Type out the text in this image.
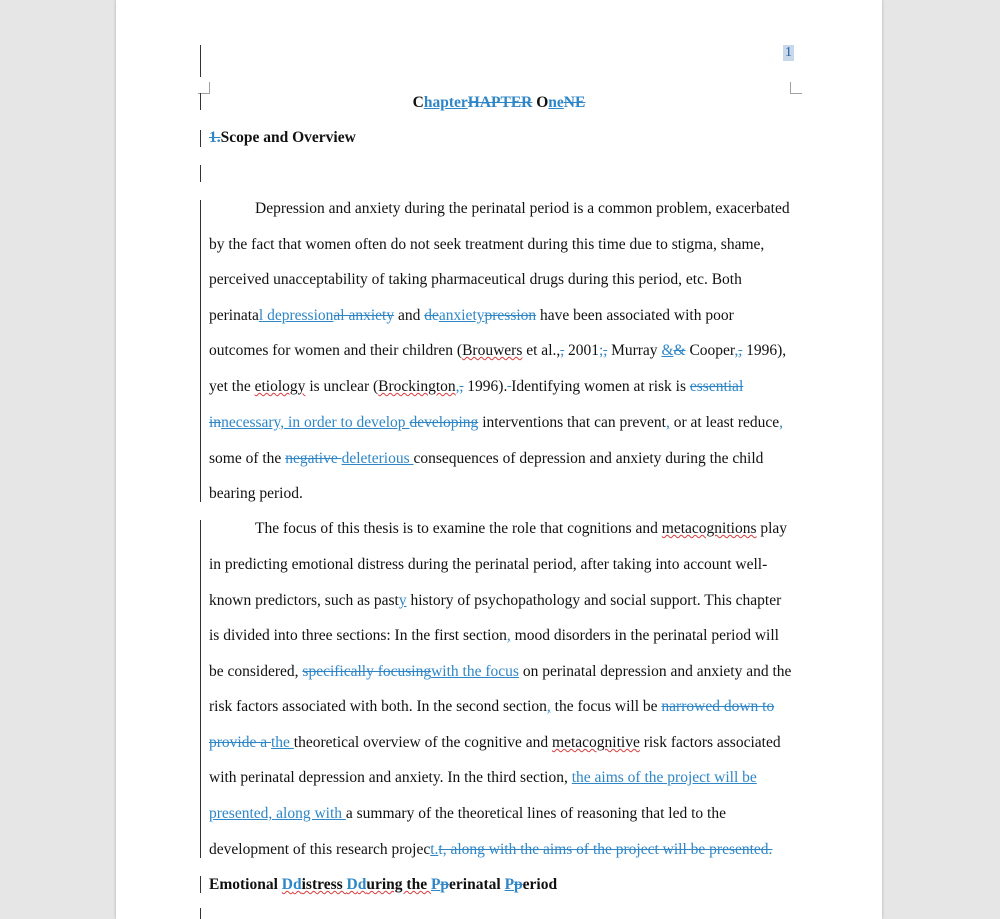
1
ChapterHAPTER OneNE
1.Scope and Overview
Depression and anxiety during the perinatal period is a common problem, exacerbated
by the fact that women often do not seek treatment during this time due to stigma, shame,
perceived unacceptability of taking pharmaceutical drugs during this period, etc. Both
perinatal depressional anxiety and deanxietypression have been associated with poor
outcomes for women and their children (Brouwers et al.,, 2001;, Murray && Cooper,, 1996),
yet the etiology is unclear (Brockington,, 1996). Identifying women at risk is essential
innecessary, in order to develop developing interventions that can prevent, or at least reduce,
some of the negative deleterious consequences of depression and anxiety during the child
bearing period.
The focus of this thesis is to examine the role that cognitions and metacognitions play
in predicting emotional distress during the perinatal period, after taking into account well-
known predictors, such as pasty history of psychopathology and social support. This chapter
is divided into three sections: In the first section, mood disorders in the perinatal period will
be considered, specifically focusingwith the focus on perinatal depression and anxiety and the
risk factors associated with both. In the second section, the focus will be narrowed down to
provide a the theoretical overview of the cognitive and metacognitive risk factors associated
with perinatal depression and anxiety. In the third section, the aims of the project will be
presented, along with a summary of the theoretical lines of reasoning that led to the
development of this research project.t, along with the aims of the project will be presented.
Emotional Ddistress Dduring the Pperinatal Pperiod
